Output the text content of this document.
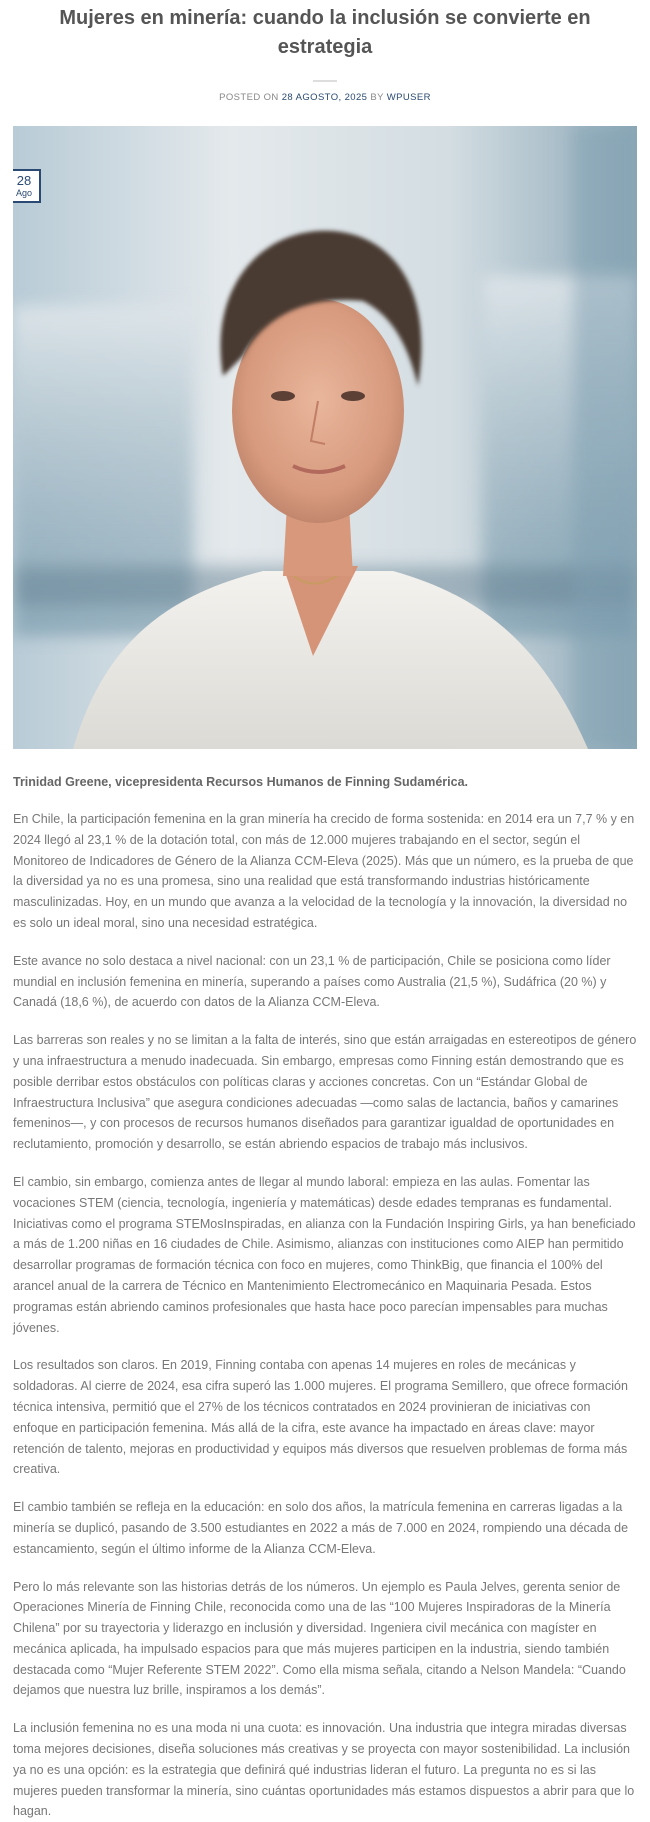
Mujeres en minería: cuando la inclusión se convierte en estrategia
POSTED ON 28 AGOSTO, 2025 BY WPUSER
28
Ago

Trinidad Greene, vicepresidenta Recursos Humanos de Finning Sudamérica.

En Chile, la participación femenina en la gran minería ha crecido de forma sostenida: en 2014 era un 7,7 % y en 2024 llegó al 23,1 % de la dotación total, con más de 12.000 mujeres trabajando en el sector, según el Monitoreo de Indicadores de Género de la Alianza CCM-Eleva (2025). Más que un número, es la prueba de que la diversidad ya no es una promesa, sino una realidad que está transformando industrias históricamente masculinizadas. Hoy, en un mundo que avanza a la velocidad de la tecnología y la innovación, la diversidad no es solo un ideal moral, sino una necesidad estratégica.

Este avance no solo destaca a nivel nacional: con un 23,1 % de participación, Chile se posiciona como líder mundial en inclusión femenina en minería, superando a países como Australia (21,5 %), Sudáfrica (20 %) y Canadá (18,6 %), de acuerdo con datos de la Alianza CCM-Eleva.

Las barreras son reales y no se limitan a la falta de interés, sino que están arraigadas en estereotipos de género y una infraestructura a menudo inadecuada. Sin embargo, empresas como Finning están demostrando que es posible derribar estos obstáculos con políticas claras y acciones concretas. Con un “Estándar Global de Infraestructura Inclusiva” que asegura condiciones adecuadas —como salas de lactancia, baños y camarines femeninos—, y con procesos de recursos humanos diseñados para garantizar igualdad de oportunidades en reclutamiento, promoción y desarrollo, se están abriendo espacios de trabajo más inclusivos.

El cambio, sin embargo, comienza antes de llegar al mundo laboral: empieza en las aulas. Fomentar las vocaciones STEM (ciencia, tecnología, ingeniería y matemáticas) desde edades tempranas es fundamental. Iniciativas como el programa STEMosInspiradas, en alianza con la Fundación Inspiring Girls, ya han beneficiado a más de 1.200 niñas en 16 ciudades de Chile. Asimismo, alianzas con instituciones como AIEP han permitido desarrollar programas de formación técnica con foco en mujeres, como ThinkBig, que financia el 100% del arancel anual de la carrera de Técnico en Mantenimiento Electromecánico en Maquinaria Pesada. Estos programas están abriendo caminos profesionales que hasta hace poco parecían impensables para muchas jóvenes.

Los resultados son claros. En 2019, Finning contaba con apenas 14 mujeres en roles de mecánicas y soldadoras. Al cierre de 2024, esa cifra superó las 1.000 mujeres. El programa Semillero, que ofrece formación técnica intensiva, permitió que el 27% de los técnicos contratados en 2024 provinieran de iniciativas con enfoque en participación femenina. Más allá de la cifra, este avance ha impactado en áreas clave: mayor retención de talento, mejoras en productividad y equipos más diversos que resuelven problemas de forma más creativa.

El cambio también se refleja en la educación: en solo dos años, la matrícula femenina en carreras ligadas a la minería se duplicó, pasando de 3.500 estudiantes en 2022 a más de 7.000 en 2024, rompiendo una década de estancamiento, según el último informe de la Alianza CCM-Eleva.

Pero lo más relevante son las historias detrás de los números. Un ejemplo es Paula Jelves, gerenta senior de Operaciones Minería de Finning Chile, reconocida como una de las “100 Mujeres Inspiradoras de la Minería Chilena” por su trayectoria y liderazgo en inclusión y diversidad. Ingeniera civil mecánica con magíster en mecánica aplicada, ha impulsado espacios para que más mujeres participen en la industria, siendo también destacada como “Mujer Referente STEM 2022”. Como ella misma señala, citando a Nelson Mandela: “Cuando dejamos que nuestra luz brille, inspiramos a los demás”.

La inclusión femenina no es una moda ni una cuota: es innovación. Una industria que integra miradas diversas toma mejores decisiones, diseña soluciones más creativas y se proyecta con mayor sostenibilidad. La inclusión ya no es una opción: es la estrategia que definirá qué industrias lideran el futuro. La pregunta no es si las mujeres pueden transformar la minería, sino cuántas oportunidades más estamos dispuestos a abrir para que lo hagan.
